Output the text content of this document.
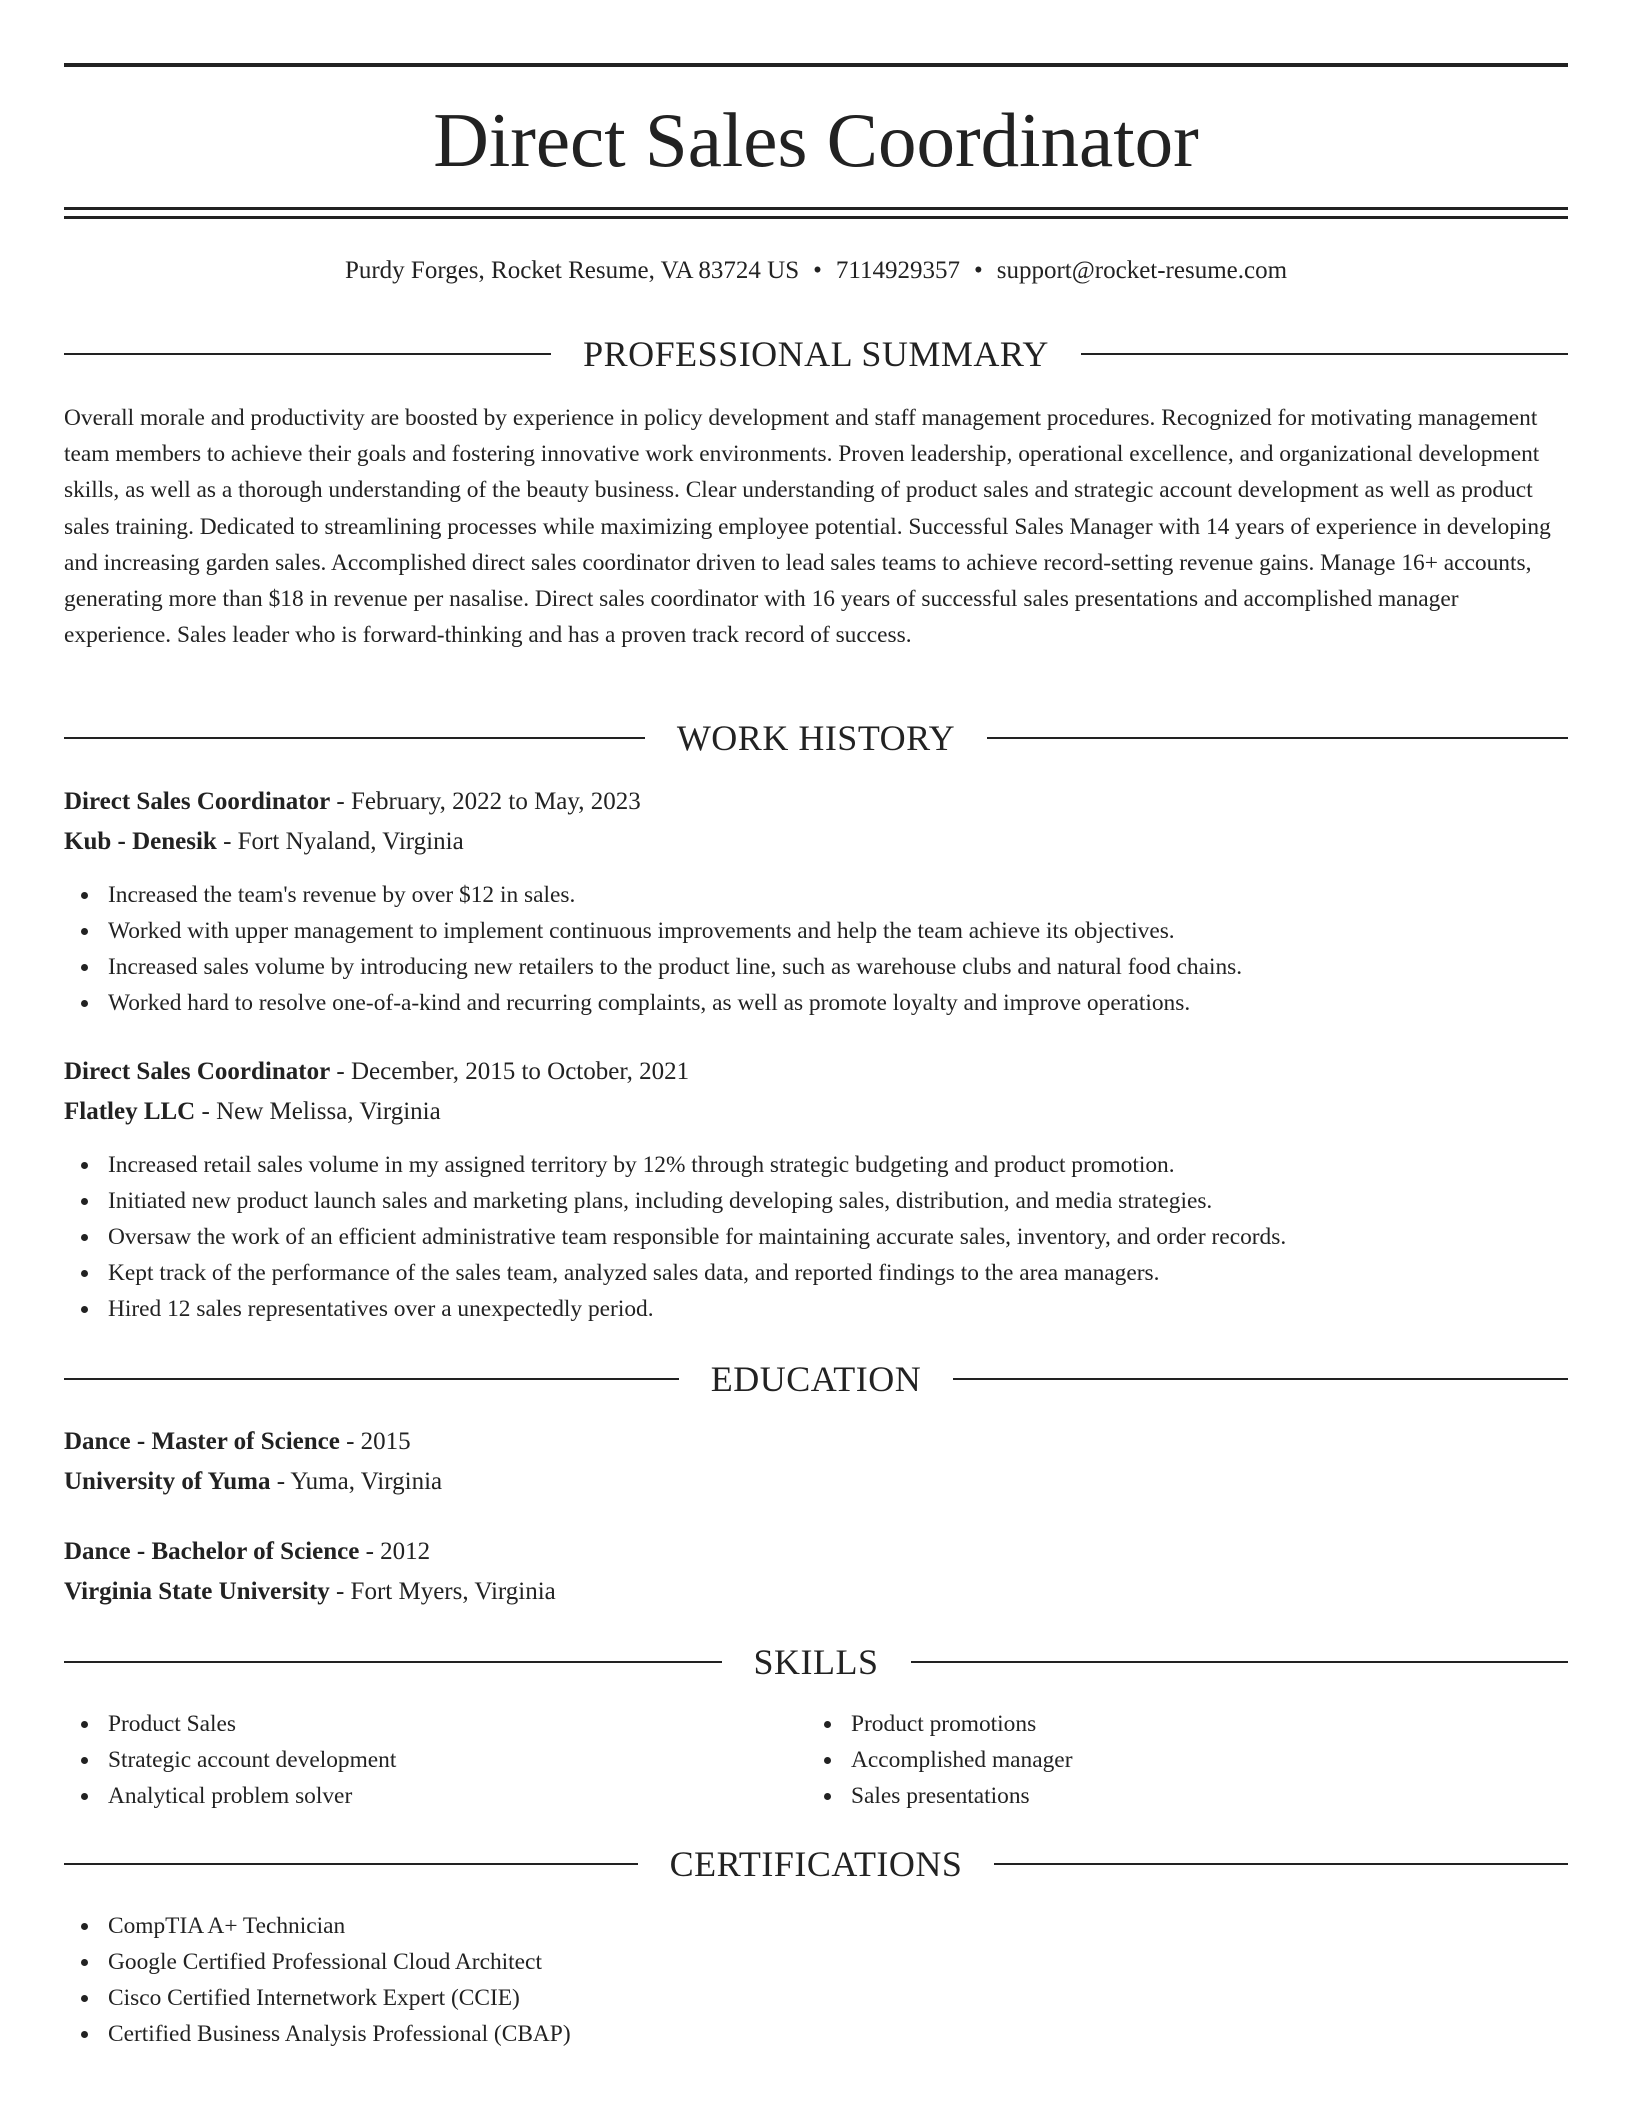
Direct Sales Coordinator
Purdy Forges, Rocket Resume, VA 83724 US • 7114929357 • support@rocket-resume.com
PROFESSIONAL SUMMARY

Overall morale and productivity are boosted by experience in policy development and staff management procedures. Recognized for motivating management team members to achieve their goals and fostering innovative work environments. Proven leadership, operational excellence, and organizational development skills, as well as a thorough understanding of the beauty business. Clear understanding of product sales and strategic account development as well as product sales training. Dedicated to streamlining processes while maximizing employee potential. Successful Sales Manager with 14 years of experience in developing and increasing garden sales. Accomplished direct sales coordinator driven to lead sales teams to achieve record-setting revenue gains. Manage 16+ accounts, generating more than $18 in revenue per nasalise. Direct sales coordinator with 16 years of successful sales presentations and accomplished manager experience. Sales leader who is forward-thinking and has a proven track record of success.

WORK HISTORY
Direct Sales Coordinator - February, 2022 to May, 2023
Kub - Denesik - Fort Nyaland, Virginia
Increased the team's revenue by over $12 in sales.
Worked with upper management to implement continuous improvements and help the team achieve its objectives.
Increased sales volume by introducing new retailers to the product line, such as warehouse clubs and natural food chains.
Worked hard to resolve one-of-a-kind and recurring complaints, as well as promote loyalty and improve operations.
Direct Sales Coordinator - December, 2015 to October, 2021
Flatley LLC - New Melissa, Virginia
Increased retail sales volume in my assigned territory by 12% through strategic budgeting and product promotion.
Initiated new product launch sales and marketing plans, including developing sales, distribution, and media strategies.
Oversaw the work of an efficient administrative team responsible for maintaining accurate sales, inventory, and order records.
Kept track of the performance of the sales team, analyzed sales data, and reported findings to the area managers.
Hired 12 sales representatives over a unexpectedly period.
EDUCATION
Dance - Master of Science - 2015
University of Yuma - Yuma, Virginia
Dance - Bachelor of Science - 2012
Virginia State University - Fort Myers, Virginia
SKILLS
Product Sales
Strategic account development
Analytical problem solver
Product promotions
Accomplished manager
Sales presentations
CERTIFICATIONS
CompTIA A+ Technician
Google Certified Professional Cloud Architect
Cisco Certified Internetwork Expert (CCIE)
Certified Business Analysis Professional (CBAP)
